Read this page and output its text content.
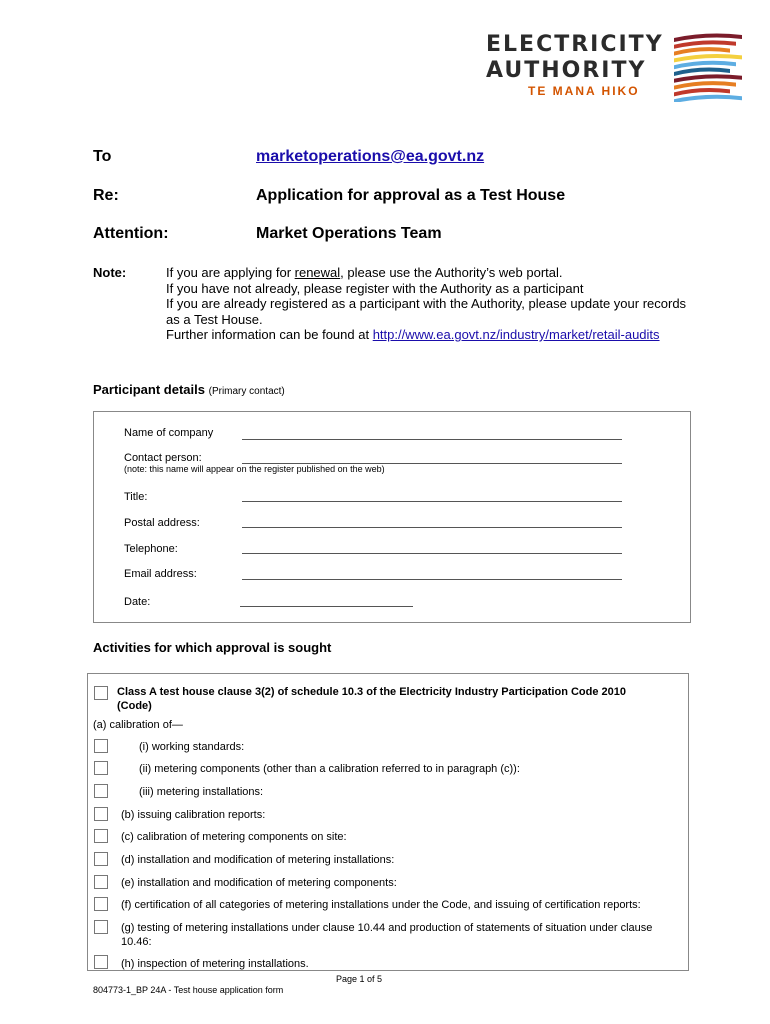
ELECTRICITY
AUTHORITY
TE MANA HIKO
To	marketoperations@ea.govt.nz
Re:	Application for approval as a Test House
Attention:	Market Operations Team
Note:	If you are applying for renewal, please use the Authority’s web portal.
If you have not already, please register with the Authority as a participant
If you are already registered as a participant with the Authority, please update your records as a Test House.
Further information can be found at http://www.ea.govt.nz/industry/market/retail-audits
Participant details (Primary contact)
Name of company
Contact person:
(note: this name will appear on the register published on the web)
Title:
Postal address:
Telephone:
Email address:
Date:
Activities for which approval is sought
Class A test house clause 3(2) of schedule 10.3 of the Electricity Industry Participation Code 2010 (Code)
(a) calibration of—
(i) working standards:
(ii) metering components (other than a calibration referred to in paragraph (c)):
(iii) metering installations:
(b) issuing calibration reports:
(c) calibration of metering components on site:
(d) installation and modification of metering installations:
(e) installation and modification of metering components:
(f) certification of all categories of metering installations under the Code, and issuing of certification reports:
(g) testing of metering installations under clause 10.44 and production of statements of situation under clause 10.46:
(h) inspection of metering installations.
Page 1 of 5
804773-1_BP 24A - Test house application form
